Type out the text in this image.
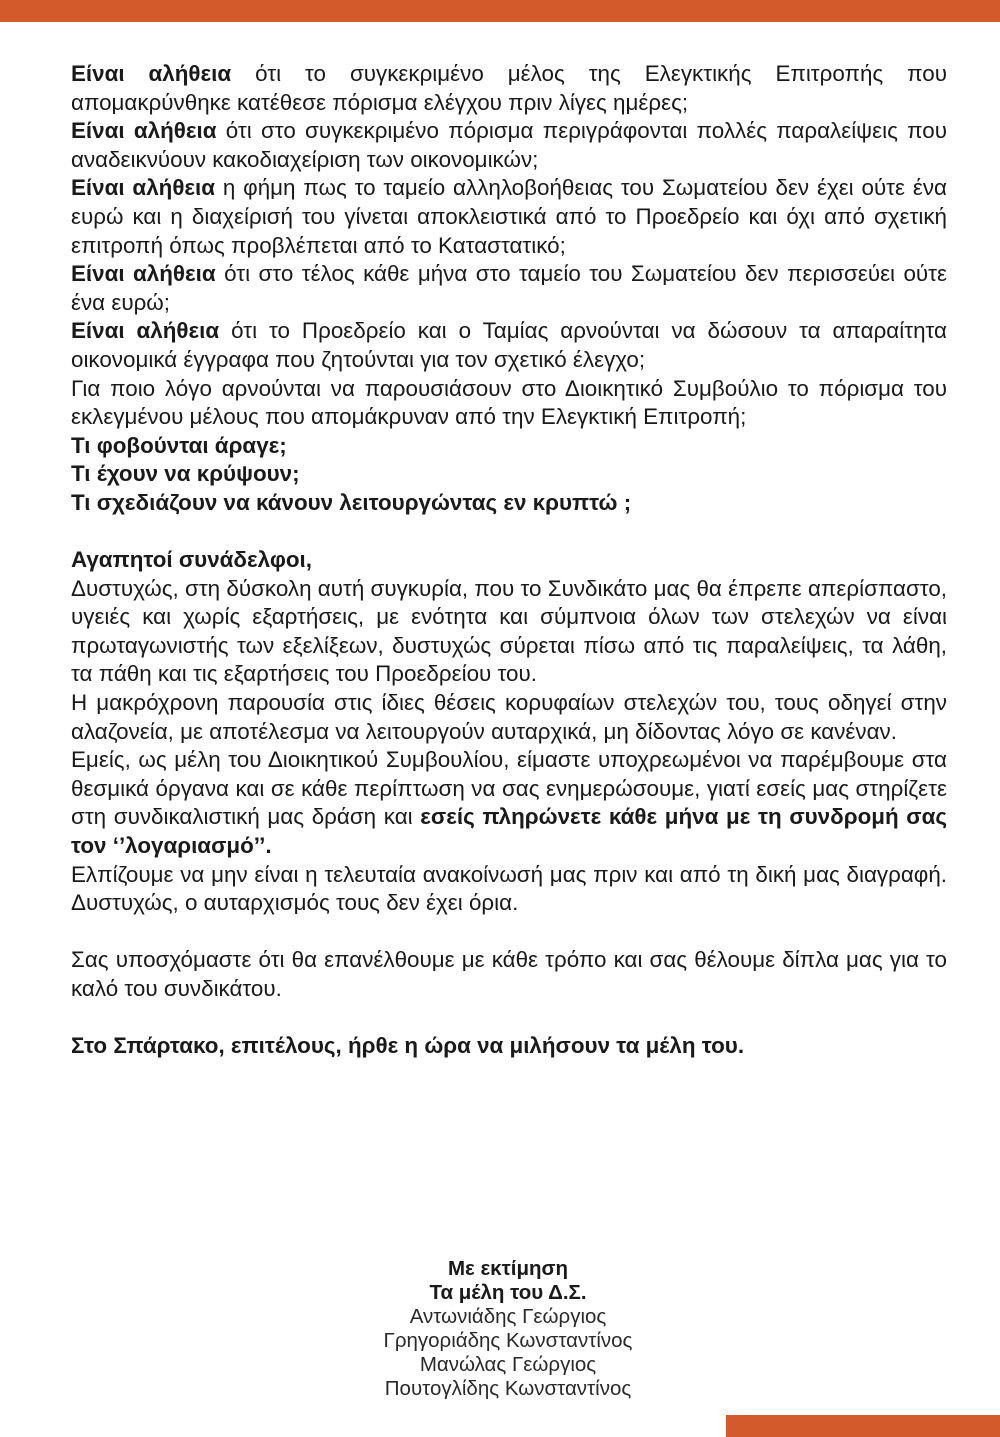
Είναι αλήθεια ότι το συγκεκριμένο μέλος της Ελεγκτικής Επιτροπής που απομακρύνθηκε κατέθεσε πόρισμα ελέγχου πριν λίγες ημέρες;

Είναι αλήθεια ότι στο συγκεκριμένο πόρισμα περιγράφονται πολλές παραλείψεις που αναδεικνύουν κακοδιαχείριση των οικονομικών;

Είναι αλήθεια η φήμη πως το ταμείο αλληλοβοήθειας του Σωματείου δεν έχει ούτε ένα ευρώ και η διαχείρισή του γίνεται αποκλειστικά από το Προεδρείο και όχι από σχετική επιτροπή όπως προβλέπεται από το Καταστατικό;

Είναι αλήθεια ότι στο τέλος κάθε μήνα στο ταμείο του Σωματείου δεν περισσεύει ούτε ένα ευρώ;

Είναι αλήθεια ότι το Προεδρείο και ο Ταμίας αρνούνται να δώσουν τα απαραίτητα οικονομικά έγγραφα που ζητούνται για τον σχετικό έλεγχο;

Για ποιο λόγο αρνούνται να παρουσιάσουν στο Διοικητικό Συμβούλιο το πόρισμα του εκλεγμένου μέλους που απομάκρυναν από την Ελεγκτική Επιτροπή;

Τι φοβούνται άραγε;

Τι έχουν να κρύψουν;

Τι σχεδιάζουν να κάνουν λειτουργώντας εν κρυπτώ ;

Αγαπητοί συνάδελφοι,

Δυστυχώς, στη δύσκολη αυτή συγκυρία, που το Συνδικάτο μας θα έπρεπε απερίσπαστο, υγειές και χωρίς εξαρτήσεις, με ενότητα και σύμπνοια όλων των στελεχών να είναι πρωταγωνιστής των εξελίξεων, δυστυχώς σύρεται πίσω από τις παραλείψεις, τα λάθη, τα πάθη και τις εξαρτήσεις του Προεδρείου του.

Η μακρόχρονη παρουσία στις ίδιες θέσεις κορυφαίων στελεχών του, τους οδηγεί στην αλαζονεία, με αποτέλεσμα να λειτουργούν αυταρχικά, μη δίδοντας λόγο σε κανέναν.

Εμείς, ως μέλη του Διοικητικού Συμβουλίου, είμαστε υποχρεωμένοι να παρέμβουμε στα θεσμικά όργανα και σε κάθε περίπτωση να σας ενημερώσουμε, γιατί εσείς μας στηρίζετε στη συνδικαλιστική μας δράση και εσείς πληρώνετε κάθε μήνα με τη συνδρομή σας τον ‘’λογαριασμό’’.

Ελπίζουμε να μην είναι η τελευταία ανακοίνωσή μας πριν και από τη δική μας διαγραφή. Δυστυχώς, ο αυταρχισμός τους δεν έχει όρια.

Σας υποσχόμαστε ότι θα επανέλθουμε με κάθε τρόπο και σας θέλουμε δίπλα μας για το καλό του συνδικάτου.

Στο Σπάρτακο, επιτέλους, ήρθε η ώρα να μιλήσουν τα μέλη του.

Με εκτίμηση
Τα μέλη του Δ.Σ.
Αντωνιάδης Γεώργιος
Γρηγοριάδης Κωνσταντίνος
Μανώλας Γεώργιος
Πουτογλίδης Κωνσταντίνος
